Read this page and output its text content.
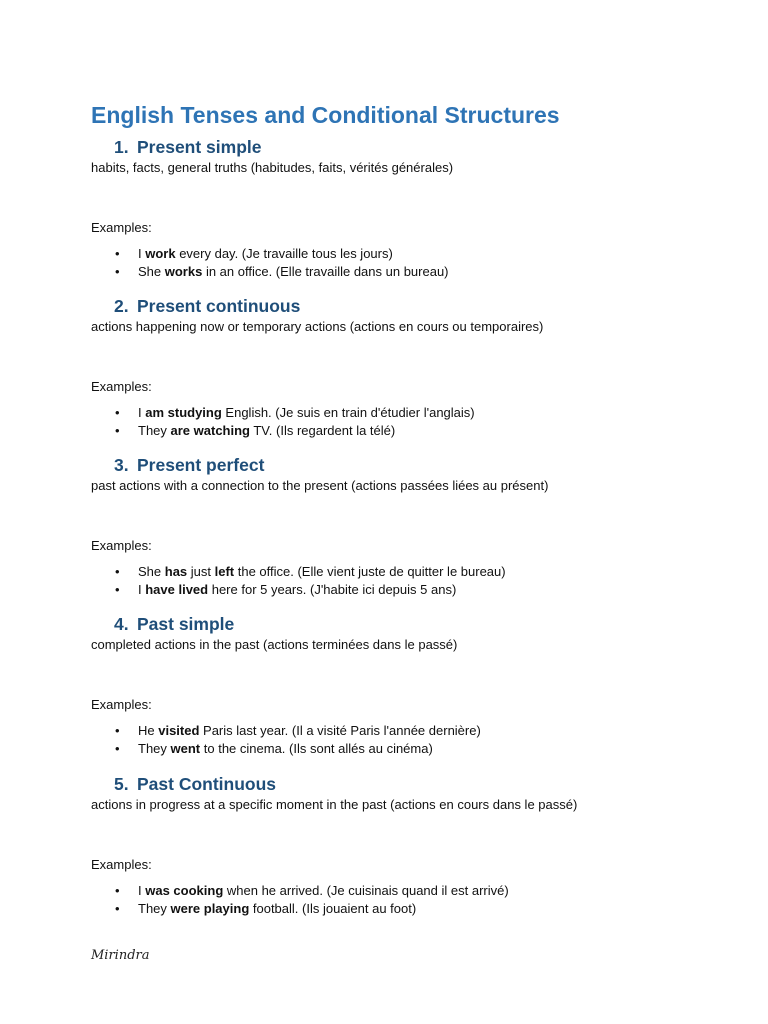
English Tenses and Conditional Structures
1. Present simple

habits, facts, general truths (habitudes, faits, vérités générales)

Examples:

• I work every day. (Je travaille tous les jours)
• She works in an office. (Elle travaille dans un bureau)
2. Present continuous

actions happening now or temporary actions (actions en cours ou temporaires)

Examples:

• I am studying English. (Je suis en train d'étudier l'anglais)
• They are watching TV. (Ils regardent la télé)
3. Present perfect

past actions with a connection to the present (actions passées liées au présent)

Examples:

• She has just left the office. (Elle vient juste de quitter le bureau)
• I have lived here for 5 years. (J'habite ici depuis 5 ans)
4. Past simple

completed actions in the past (actions terminées dans le passé)

Examples:

• He visited Paris last year. (Il a visité Paris l'année dernière)
• They went to the cinema. (Ils sont allés au cinéma)
5. Past Continuous

actions in progress at a specific moment in the past (actions en cours dans le passé)

Examples:

• I was cooking when he arrived. (Je cuisinais quand il est arrivé)
• They were playing football. (Ils jouaient au foot)
Mirindra
